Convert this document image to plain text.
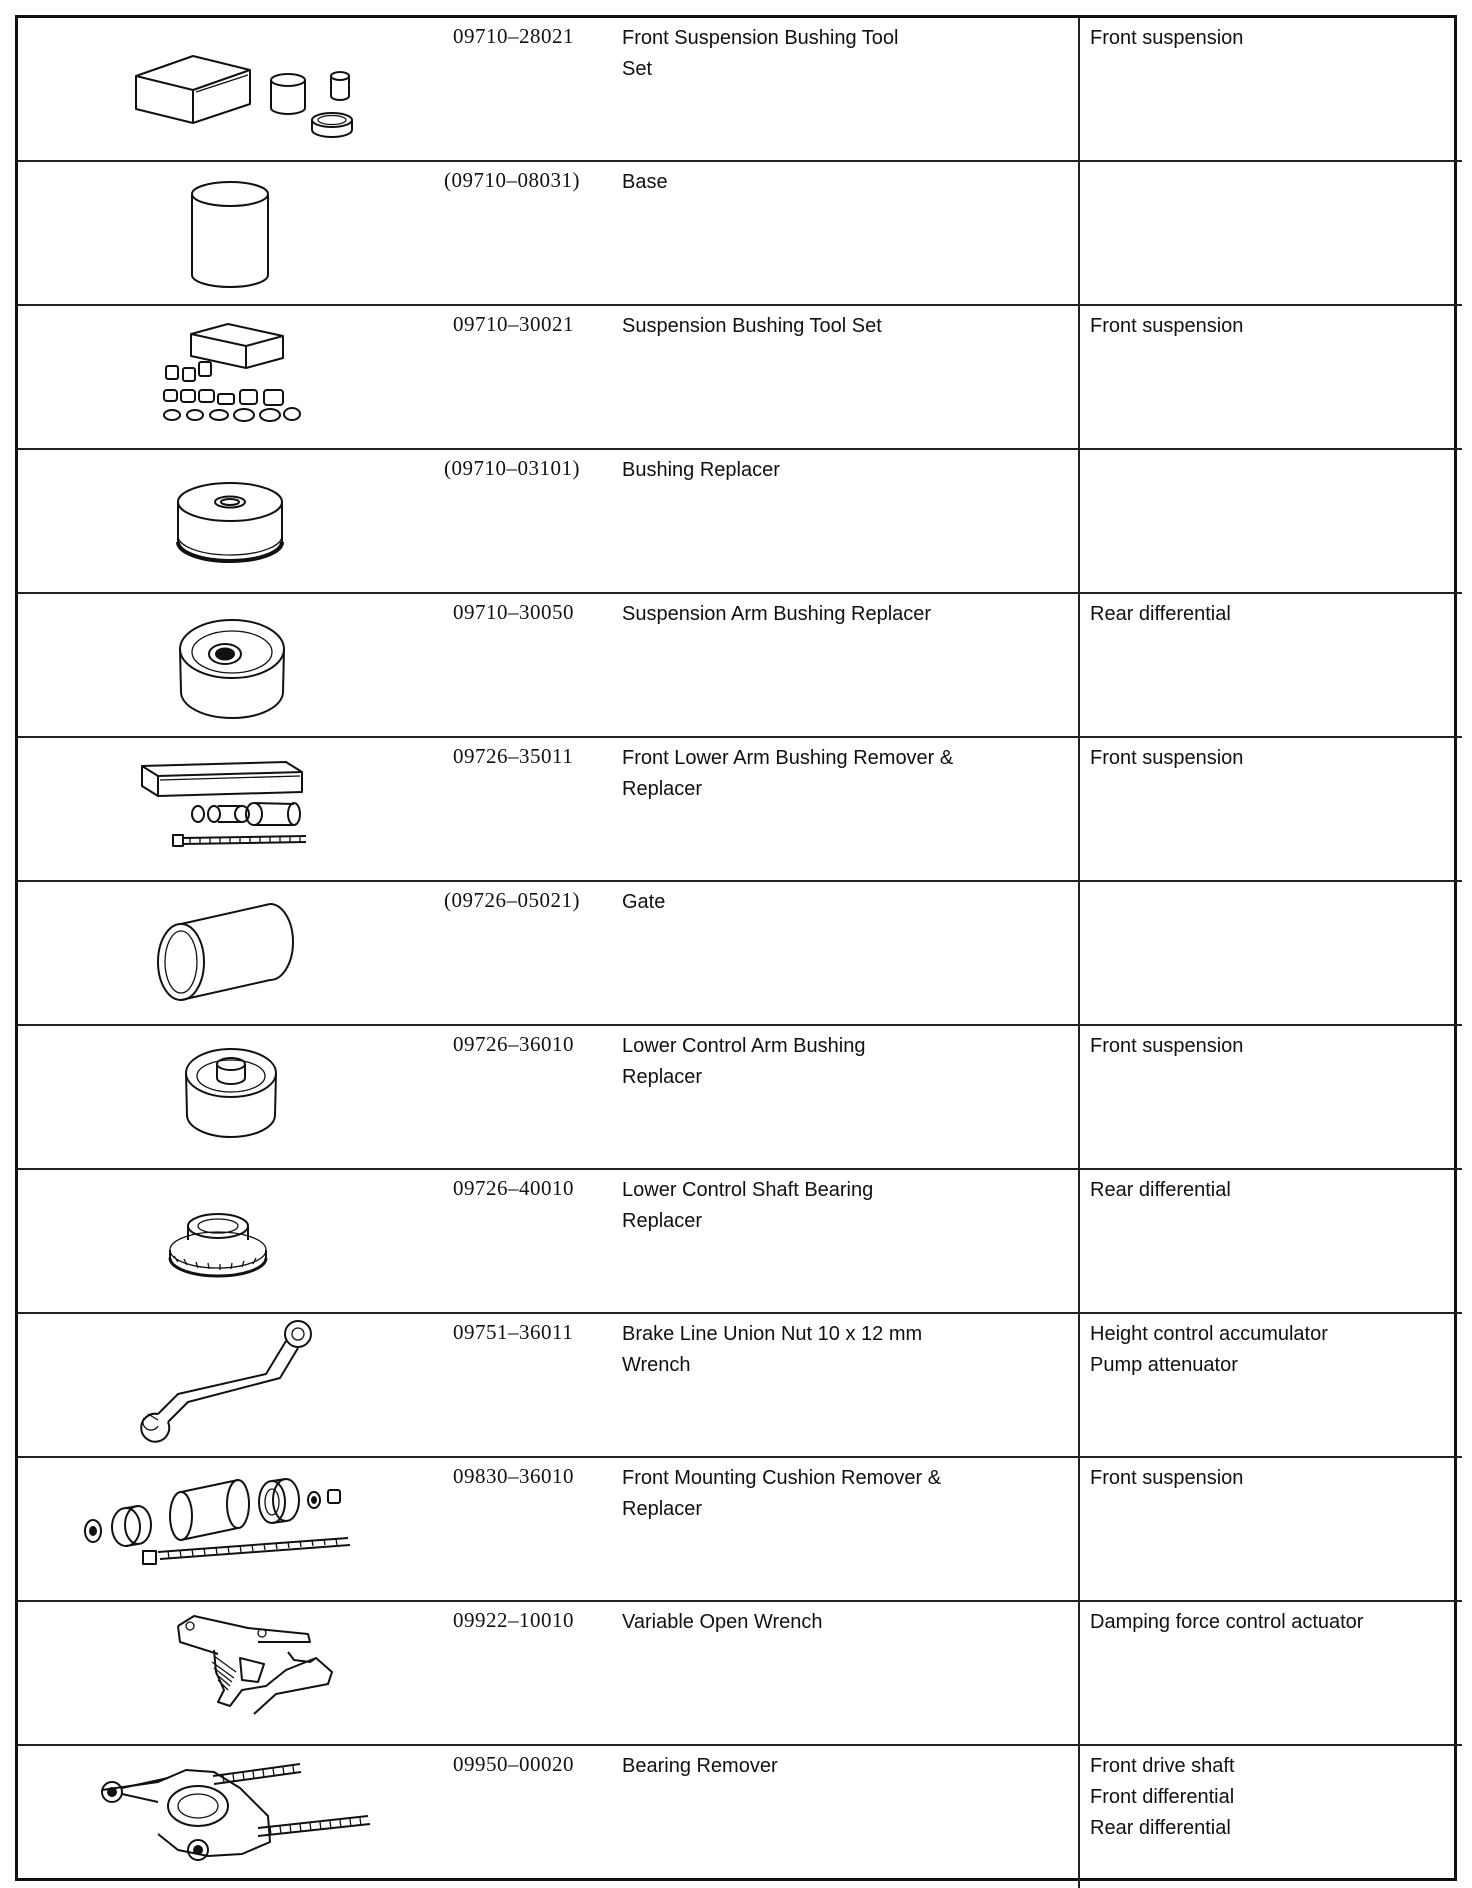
09710–28021	Front Suspension Bushing Tool Set	Front suspension

(09710–08031)	Base	

09710–30021	Suspension Bushing Tool Set	Front suspension

(09710–03101)	Bushing Replacer	

09710–30050	Suspension Arm Bushing Replacer	Rear differential

09726–35011	Front Lower Arm Bushing Remover & Replacer	Front suspension

(09726–05021)	Gate	

09726–36010	Lower Control Arm Bushing Replacer	Front suspension

09726–40010	Lower Control Shaft Bearing Replacer	Rear differential

09751–36011	Brake Line Union Nut 10 x 12 mm Wrench	Height control accumulator
Pump attenuator

09830–36010	Front Mounting Cushion Remover & Replacer	Front suspension

09922–10010	Variable Open Wrench	Damping force control actuator

09950–00020	Bearing Remover	Front drive shaft
Front differential
Rear differential
